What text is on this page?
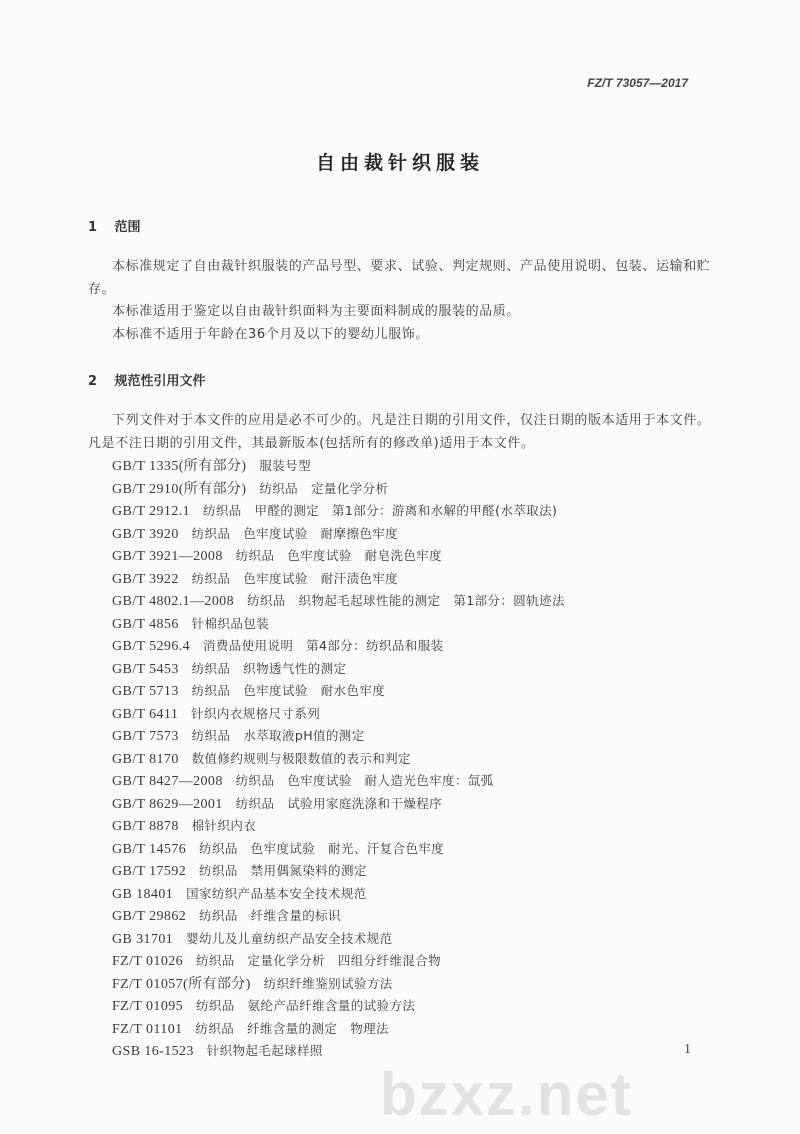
FZ/T 73057—2017
自由裁针织服装
1 范围

本标准规定了自由裁针织服装的产品号型、要求、试验、判定规则、产品使用说明、包装、运输和贮存。

本标准适用于鉴定以自由裁针织面料为主要面料制成的服装的品质。

本标准不适用于年龄在36个月及以下的婴幼儿服饰。

2 规范性引用文件

下列文件对于本文件的应用是必不可少的。凡是注日期的引用文件，仅注日期的版本适用于本文件。凡是不注日期的引用文件，其最新版本(包括所有的修改单)适用于本文件。

GB/T 1335(所有部分)　 服装号型
GB/T 2910(所有部分)　 纺织品　定量化学分析
GB/T 2912.1　 纺织品　甲醛的测定　第1部分：游离和水解的甲醛(水萃取法)
GB/T 3920　 纺织品　色牢度试验　耐摩擦色牢度
GB/T 3921—2008　 纺织品　色牢度试验　耐皂洗色牢度
GB/T 3922　 纺织品　色牢度试验　耐汗渍色牢度
GB/T 4802.1—2008　 纺织品　织物起毛起球性能的测定　第1部分：圆轨迹法
GB/T 4856　 针棉织品包装
GB/T 5296.4　 消费品使用说明　第4部分：纺织品和服装
GB/T 5453　 纺织品　织物透气性的测定
GB/T 5713　 纺织品　色牢度试验　耐水色牢度
GB/T 6411　 针织内衣规格尺寸系列
GB/T 7573　 纺织品　水萃取液pH值的测定
GB/T 8170　 数值修约规则与极限数值的表示和判定
GB/T 8427—2008　 纺织品　色牢度试验　耐人造光色牢度：氙弧
GB/T 8629—2001　 纺织品　试验用家庭洗涤和干燥程序
GB/T 8878　 棉针织内衣
GB/T 14576　 纺织品　色牢度试验　耐光、汗复合色牢度
GB/T 17592　 纺织品　禁用偶氮染料的测定
GB 18401　 国家纺织产品基本安全技术规范
GB/T 29862　 纺织品　纤维含量的标识
GB 31701　 婴幼儿及儿童纺织产品安全技术规范
FZ/T 01026　 纺织品　定量化学分析　四组分纤维混合物
FZ/T 01057(所有部分)　 纺织纤维鉴别试验方法
FZ/T 01095　 纺织品　氨纶产品纤维含量的试验方法
FZ/T 01101　 纺织品　纤维含量的测定　物理法
GSB 16-1523　 针织物起毛起球样照	1
bzxz.net
